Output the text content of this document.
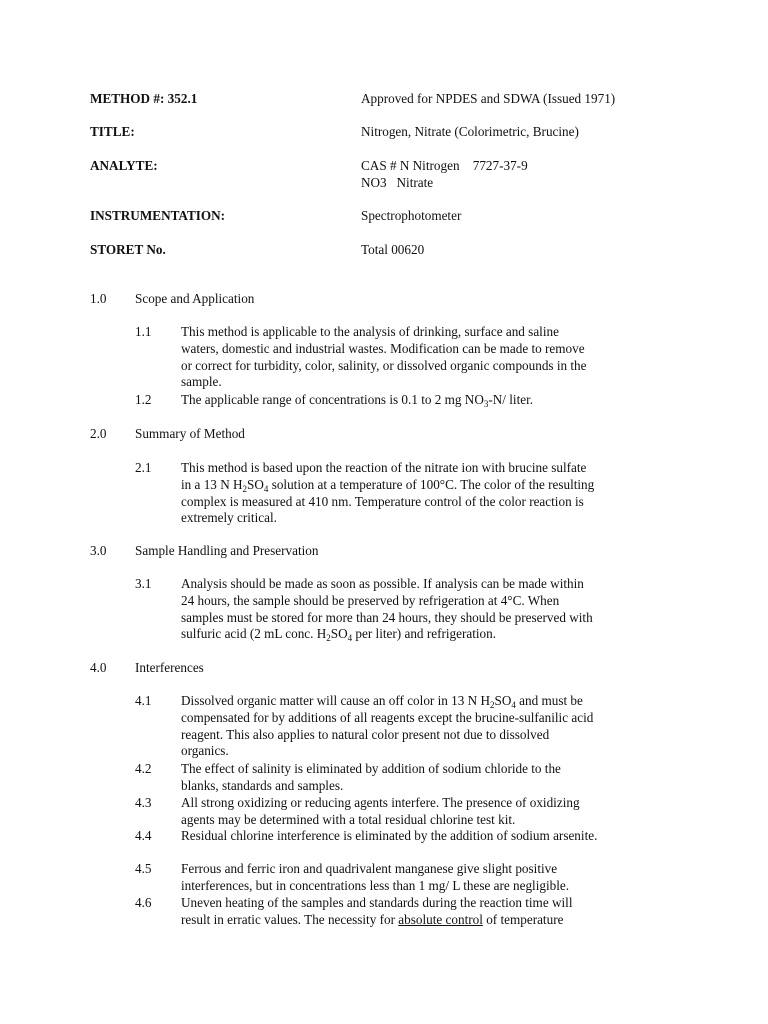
METHOD #: 352.1	Approved for NPDES and SDWA (Issued 1971)
TITLE:	Nitrogen, Nitrate (Colorimetric, Brucine)
ANALYTE:	CAS # N Nitrogen    7727-37-9
NO3   Nitrate
INSTRUMENTATION:	Spectrophotometer
STORET No.	Total 00620
1.0 Scope and Application
1.1 This method is applicable to the analysis of drinking, surface and saline
waters, domestic and industrial wastes. Modification can be made to remove
or correct for turbidity, color, salinity, or dissolved organic compounds in the
sample.
1.2 The applicable range of concentrations is 0.1 to 2 mg $NO_3-N/$ liter.
2.0 Summary of Method
2.1 This method is based upon the reaction of the nitrate ion with brucine sulfate
in a 13 N $H_2SO_4$ solution at a temperature of 100°C. The color of the resulting
complex is measured at 410 nm. Temperature control of the color reaction is
extremely critical.
3.0 Sample Handling and Preservation
3.1 Analysis should be made as soon as possible. If analysis can be made within
24 hours, the sample should be preserved by refrigeration at 4°C. When
samples must be stored for more than 24 hours, they should be preserved with
sulfuric acid (2 mL conc. $H_2SO_4$ per liter) and refrigeration.
4.0 Interferences
4.1 Dissolved organic matter will cause an off color in 13 N $H_2SO_4$ and must be
compensated for by additions of all reagents except the brucine-sulfanilic acid
reagent. This also applies to natural color present not due to dissolved
organics.
4.2 The effect of salinity is eliminated by addition of sodium chloride to the
blanks, standards and samples.
4.3 All strong oxidizing or reducing agents interfere. The presence of oxidizing
agents may be determined with a total residual chlorine test kit.
4.4 Residual chlorine interference is eliminated by the addition of sodium arsenite.
4.5 Ferrous and ferric iron and quadrivalent manganese give slight positive
interferences, but in concentrations less than 1 mg/ L these are negligible.
4.6 Uneven heating of the samples and standards during the reaction time will
result in erratic values. The necessity for absolute control of temperature
